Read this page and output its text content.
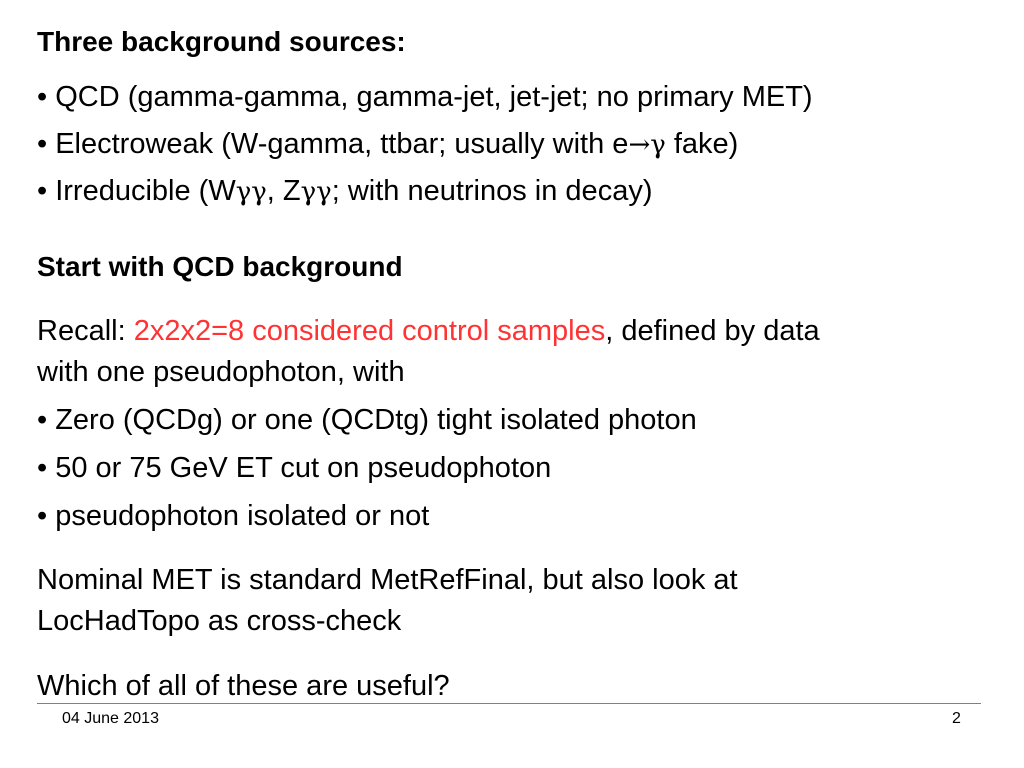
Three background sources:
• QCD (gamma-gamma, gamma-jet, jet-jet; no primary MET)
• Electroweak (W-gamma, ttbar; usually with e→γ fake)
• Irreducible (Wγγ, Zγγ; with neutrinos in decay)
Start with QCD background
Recall: 2x2x2=8 considered control samples, defined by data
with one pseudophoton, with
• Zero (QCDg) or one (QCDtg) tight isolated photon
• 50 or 75 GeV ET cut on pseudophoton
• pseudophoton isolated or not
Nominal MET is standard MetRefFinal, but also look at
LocHadTopo as cross-check
Which of all of these are useful?
04 June 2013	2
